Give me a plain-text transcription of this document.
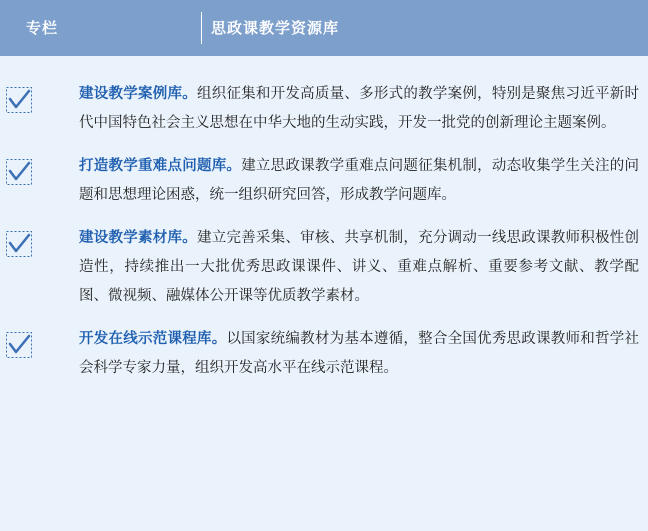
专栏	思政课教学资源库
建设教学案例库。组织征集和开发高质量、多形式的教学案例，特别是聚焦习近平新时代中国特色社会主义思想在中华大地的生动实践，开发一批党的创新理论主题案例。
打造教学重难点问题库。建立思政课教学重难点问题征集机制，动态收集学生关注的问题和思想理论困惑，统一组织研究回答，形成教学问题库。
建设教学素材库。建立完善采集、审核、共享机制，充分调动一线思政课教师积极性创造性，持续推出一大批优秀思政课课件、讲义、重难点解析、重要参考文献、教学配图、微视频、融媒体公开课等优质教学素材。
开发在线示范课程库。以国家统编教材为基本遵循，整合全国优秀思政课教师和哲学社会科学专家力量，组织开发高水平在线示范课程。
